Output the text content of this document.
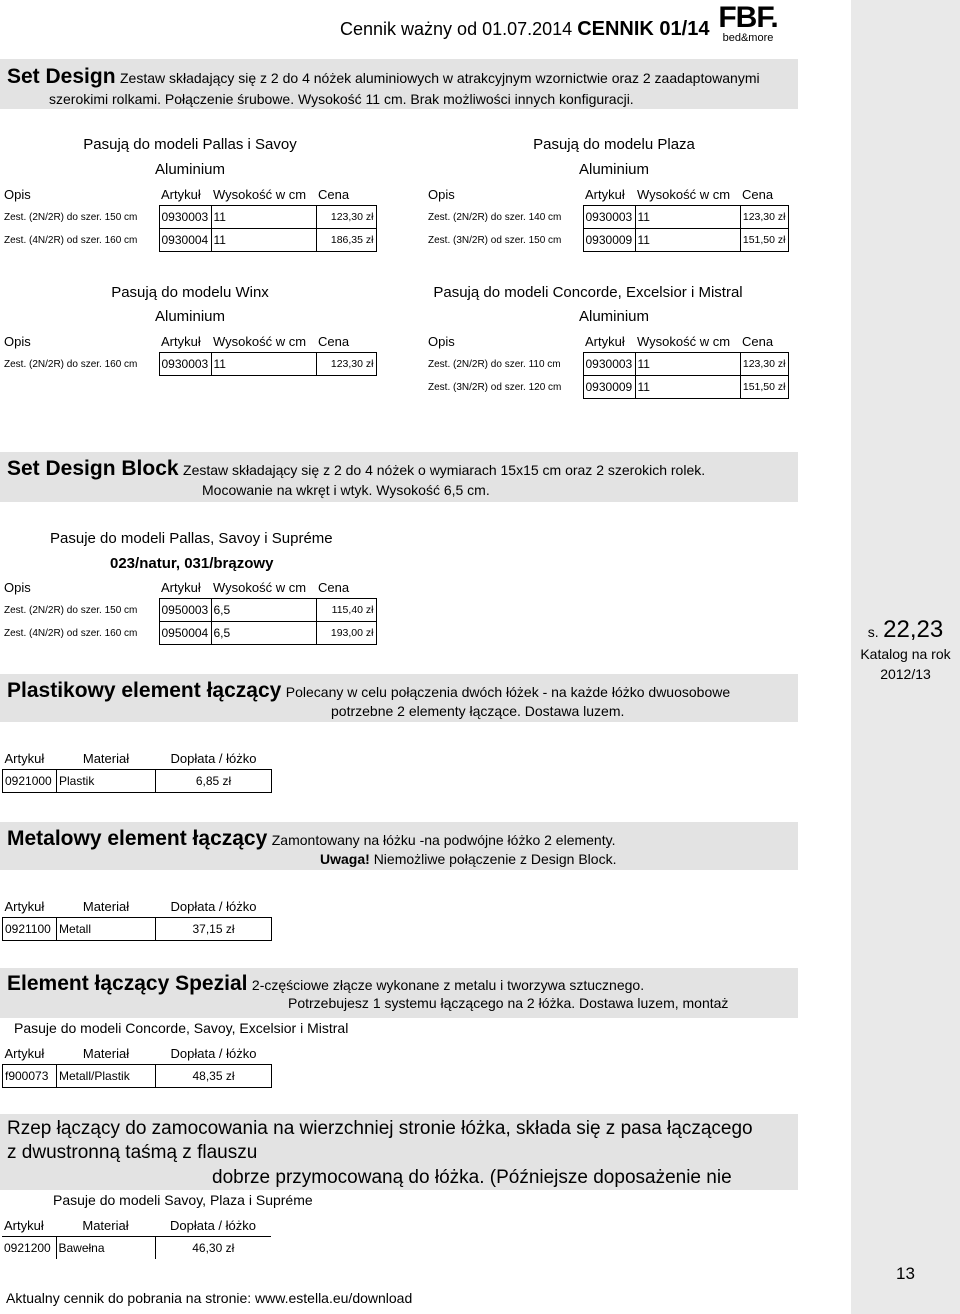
Cennik ważny od 01.07.2014 CENNIK 01/14 FBF.
bed&more
Set Design Zestaw składający się z 2 do 4 nóżek aluminiowych w atrakcyjnym wzornictwie oraz 2 zaadaptowanymi
szerokimi rolkami. Połączenie śrubowe. Wysokość 11 cm. Brak możliwości innych konfiguracji.
Pasują do modeli Pallas i Savoy
Aluminium
Opis	Artykuł	Wysokość w cm	Cena
Zest. (2N/2R) do szer. 150 cm	0930003	11	123,30 zł
Zest. (4N/2R) od szer. 160 cm	0930004	11	186,35 zł
Pasują do modelu Plaza
Aluminium
Opis	Artykuł	Wysokość w cm	Cena
Zest. (2N/2R) do szer. 140 cm	0930003	11	123,30 zł
Zest. (3N/2R) od szer. 150 cm	0930009	11	151,50 zł
Pasują do modelu Winx
Aluminium
Opis	Artykuł	Wysokość w cm	Cena
Zest. (2N/2R) do szer. 160 cm	0930003	11	123,30 zł
Pasują do modeli Concorde, Excelsior i Mistral
Aluminium
Opis	Artykuł	Wysokość w cm	Cena
Zest. (2N/2R) do szer. 110 cm	0930003	11	123,30 zł
Zest. (3N/2R) od szer. 120 cm	0930009	11	151,50 zł
Set Design Block Zestaw składający się z 2 do 4 nóżek o wymiarach 15x15 cm oraz 2 szerokich rolek.
Mocowanie na wkręt i wtyk. Wysokość 6,5 cm.
Pasuje do modeli Pallas, Savoy i Supréme
023/natur, 031/brązowy
Opis	Artykuł	Wysokość w cm	Cena
Zest. (2N/2R) do szer. 150 cm	0950003	6,5	115,40 zł
Zest. (4N/2R) od szer. 160 cm	0950004	6,5	193,00 zł	s. 22,23
Katalog na rok
2012/13
Plastikowy element łączący Polecany w celu połączenia dwóch łóżek - na każde łóżko dwuosobowe
potrzebne 2 elementy łączące. Dostawa luzem.
Artykuł	Materiał	Dopłata / łóżko
0921000	Plastik	6,85 zł
Metalowy element łączący Zamontowany na łóżku -na podwójne łóżko 2 elementy.
Uwaga! Niemożliwe połączenie z Design Block.
Artykuł	Materiał	Dopłata / łóżko
0921100	Metall	37,15 zł
Element łączący Spezial 2-częściowe złącze wykonane z metalu i tworzywa sztucznego.
Potrzebujesz 1 systemu łączącego na 2 łóżka. Dostawa luzem, montaż
Pasuje do modeli Concorde, Savoy, Excelsior i Mistral
Artykuł	Materiał	Dopłata / łóżko
f900073	Metall/Plastik	48,35 zł
Rzep łączący do zamocowania na wierzchniej stronie łóżka, składa się z pasa łączącego
z dwustronną taśmą z flauszu
dobrze przymocowaną do łóżka. (Późniejsze doposażenie nie
Pasuje do modeli Savoy, Plaza i Supréme
Artykuł	Materiał	Dopłata / łóżko
0921200	Bawełna	46,30 zł
Aktualny cennik do pobrania na stronie: www.estella.eu/download
13
